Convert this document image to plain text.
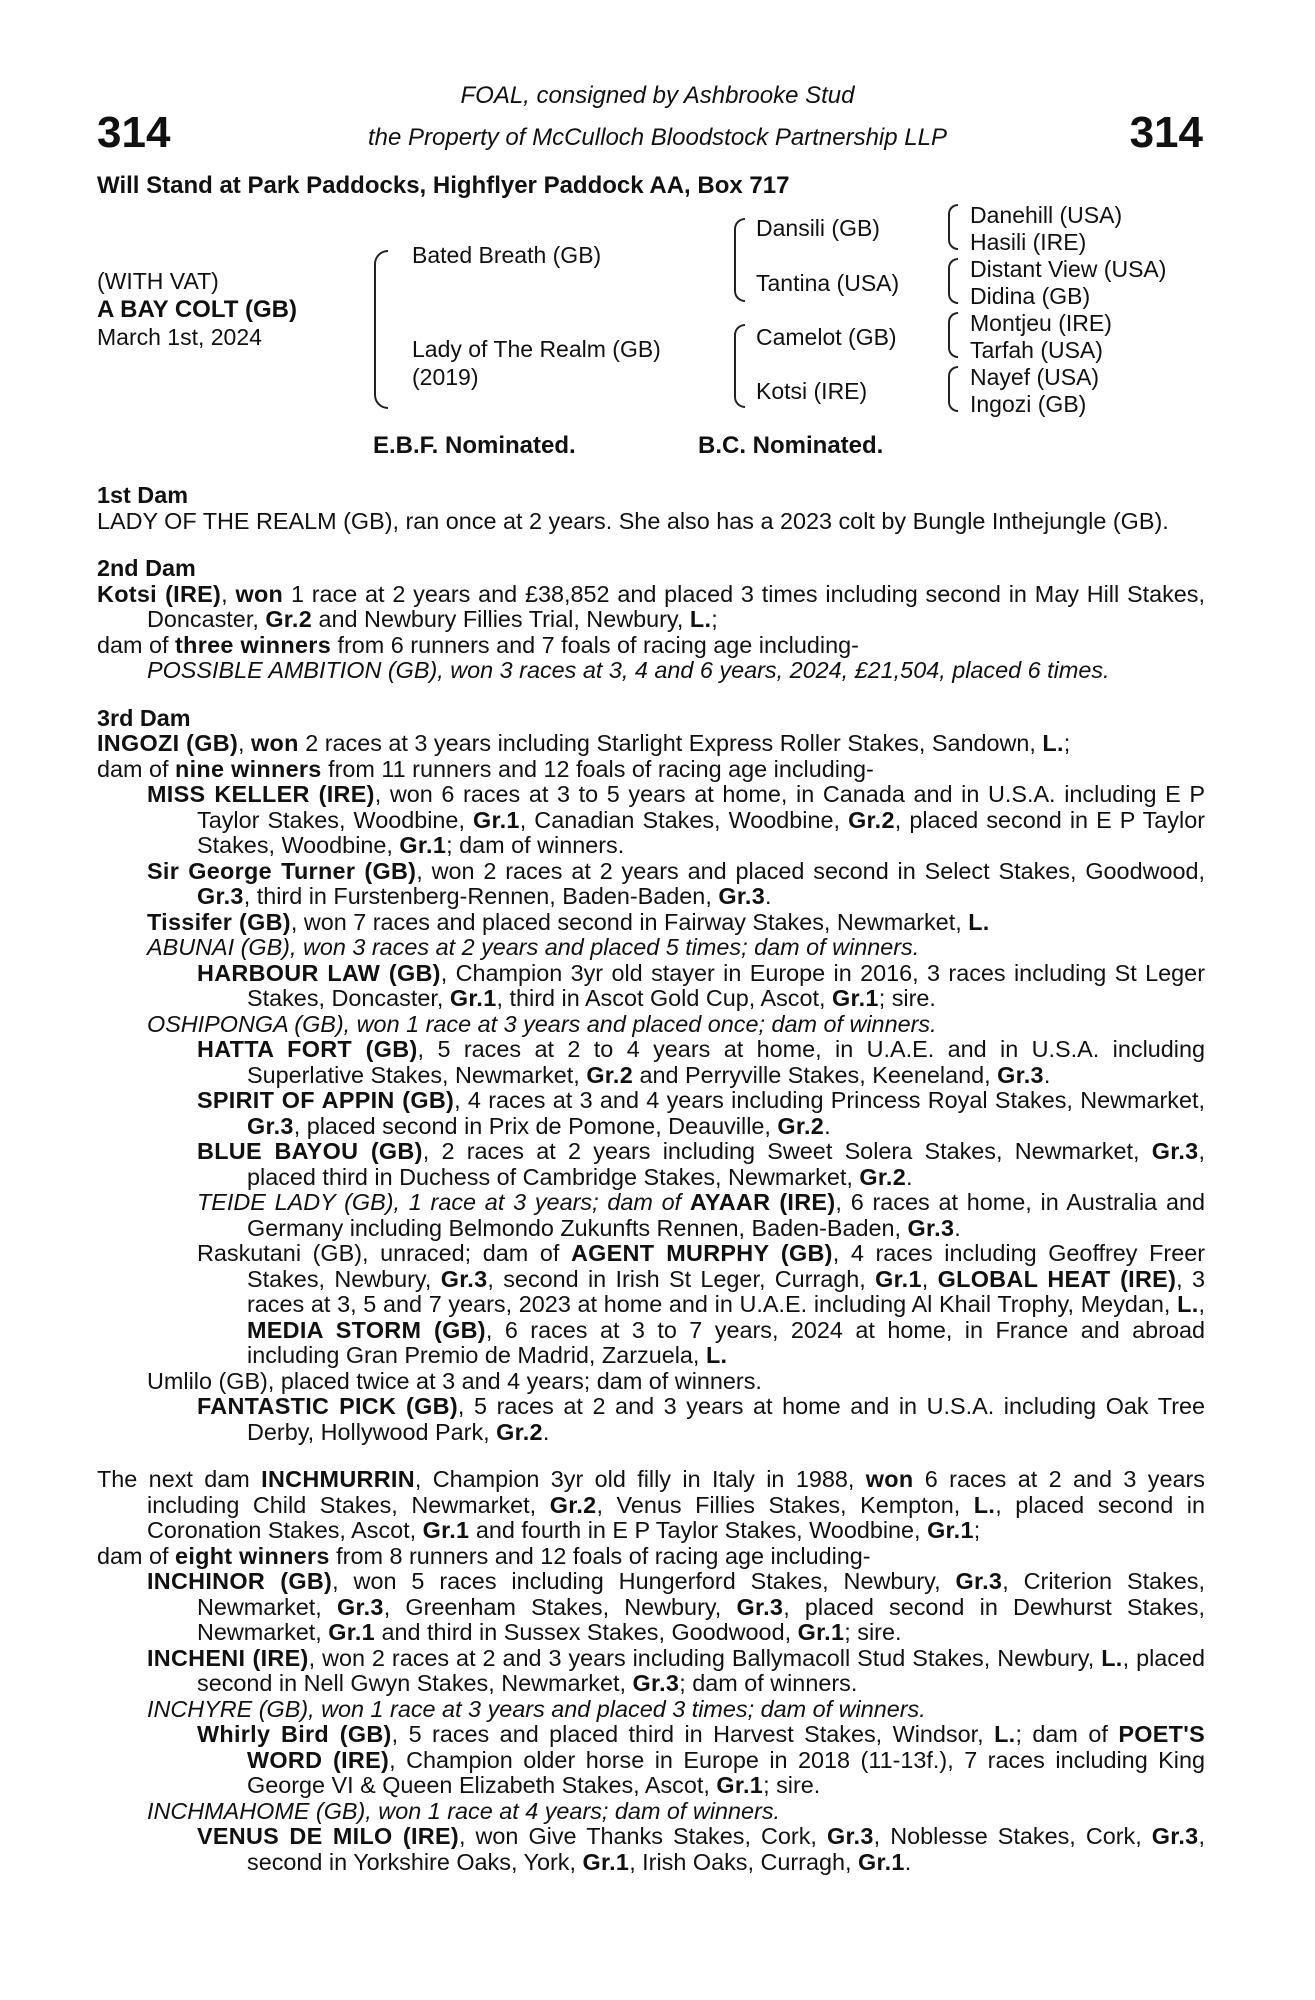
314	314
FOAL, consigned by Ashbrooke Stud
the Property of McCulloch Bloodstock Partnership LLP
Will Stand at Park Paddocks, Highflyer Paddock AA, Box 717
(WITH VAT)
A BAY COLT (GB)
March 1st, 2024
Bated Breath (GB)
Lady of The Realm (GB)
(2019)
Dansili (GB)
Tantina (USA)
Camelot (GB)
Kotsi (IRE)
Danehill (USA)
Hasili (IRE)
Distant View (USA)
Didina (GB)
Montjeu (IRE)
Tarfah (USA)
Nayef (USA)
Ingozi (GB)
E.B.F. Nominated.	B.C. Nominated.

1st Dam

LADY OF THE REALM (GB), ran once at 2 years. She also has a 2023 colt by Bungle Inthejungle (GB).

2nd Dam

Kotsi (IRE), won 1 race at 2 years and £38,852 and placed 3 times including second in May Hill Stakes, Doncaster, Gr.2 and Newbury Fillies Trial, Newbury, L.;

dam of three winners from 6 runners and 7 foals of racing age including-

POSSIBLE AMBITION (GB), won 3 races at 3, 4 and 6 years, 2024, £21,504, placed 6 times.

3rd Dam

INGOZI (GB), won 2 races at 3 years including Starlight Express Roller Stakes, Sandown, L.;

dam of nine winners from 11 runners and 12 foals of racing age including-

MISS KELLER (IRE), won 6 races at 3 to 5 years at home, in Canada and in U.S.A. including E P Taylor Stakes, Woodbine, Gr.1, Canadian Stakes, Woodbine, Gr.2, placed second in E P Taylor Stakes, Woodbine, Gr.1; dam of winners.

Sir George Turner (GB), won 2 races at 2 years and placed second in Select Stakes, Goodwood, Gr.3, third in Furstenberg-Rennen, Baden-Baden, Gr.3.

Tissifer (GB), won 7 races and placed second in Fairway Stakes, Newmarket, L.

ABUNAI (GB), won 3 races at 2 years and placed 5 times; dam of winners.

HARBOUR LAW (GB), Champion 3yr old stayer in Europe in 2016, 3 races including St Leger Stakes, Doncaster, Gr.1, third in Ascot Gold Cup, Ascot, Gr.1; sire.

OSHIPONGA (GB), won 1 race at 3 years and placed once; dam of winners.

HATTA FORT (GB), 5 races at 2 to 4 years at home, in U.A.E. and in U.S.A. including Superlative Stakes, Newmarket, Gr.2 and Perryville Stakes, Keeneland, Gr.3.

SPIRIT OF APPIN (GB), 4 races at 3 and 4 years including Princess Royal Stakes, Newmarket, Gr.3, placed second in Prix de Pomone, Deauville, Gr.2.

BLUE BAYOU (GB), 2 races at 2 years including Sweet Solera Stakes, Newmarket, Gr.3, placed third in Duchess of Cambridge Stakes, Newmarket, Gr.2.

TEIDE LADY (GB), 1 race at 3 years; dam of AYAAR (IRE), 6 races at home, in Australia and Germany including Belmondo Zukunfts Rennen, Baden-Baden, Gr.3.

Raskutani (GB), unraced; dam of AGENT MURPHY (GB), 4 races including Geoffrey Freer Stakes, Newbury, Gr.3, second in Irish St Leger, Curragh, Gr.1, GLOBAL HEAT (IRE), 3 races at 3, 5 and 7 years, 2023 at home and in U.A.E. including Al Khail Trophy, Meydan, L., MEDIA STORM (GB), 6 races at 3 to 7 years, 2024 at home, in France and abroad including Gran Premio de Madrid, Zarzuela, L.

Umlilo (GB), placed twice at 3 and 4 years; dam of winners.

FANTASTIC PICK (GB), 5 races at 2 and 3 years at home and in U.S.A. including Oak Tree Derby, Hollywood Park, Gr.2.

The next dam INCHMURRIN, Champion 3yr old filly in Italy in 1988, won 6 races at 2 and 3 years including Child Stakes, Newmarket, Gr.2, Venus Fillies Stakes, Kempton, L., placed second in Coronation Stakes, Ascot, Gr.1 and fourth in E P Taylor Stakes, Woodbine, Gr.1;

dam of eight winners from 8 runners and 12 foals of racing age including-

INCHINOR (GB), won 5 races including Hungerford Stakes, Newbury, Gr.3, Criterion Stakes, Newmarket, Gr.3, Greenham Stakes, Newbury, Gr.3, placed second in Dewhurst Stakes, Newmarket, Gr.1 and third in Sussex Stakes, Goodwood, Gr.1; sire.

INCHENI (IRE), won 2 races at 2 and 3 years including Ballymacoll Stud Stakes, Newbury, L., placed second in Nell Gwyn Stakes, Newmarket, Gr.3; dam of winners.

INCHYRE (GB), won 1 race at 3 years and placed 3 times; dam of winners.

Whirly Bird (GB), 5 races and placed third in Harvest Stakes, Windsor, L.; dam of POET'S WORD (IRE), Champion older horse in Europe in 2018 (11-13f.), 7 races including King George VI & Queen Elizabeth Stakes, Ascot, Gr.1; sire.

INCHMAHOME (GB), won 1 race at 4 years; dam of winners.

VENUS DE MILO (IRE), won Give Thanks Stakes, Cork, Gr.3, Noblesse Stakes, Cork, Gr.3, second in Yorkshire Oaks, York, Gr.1, Irish Oaks, Curragh, Gr.1.
